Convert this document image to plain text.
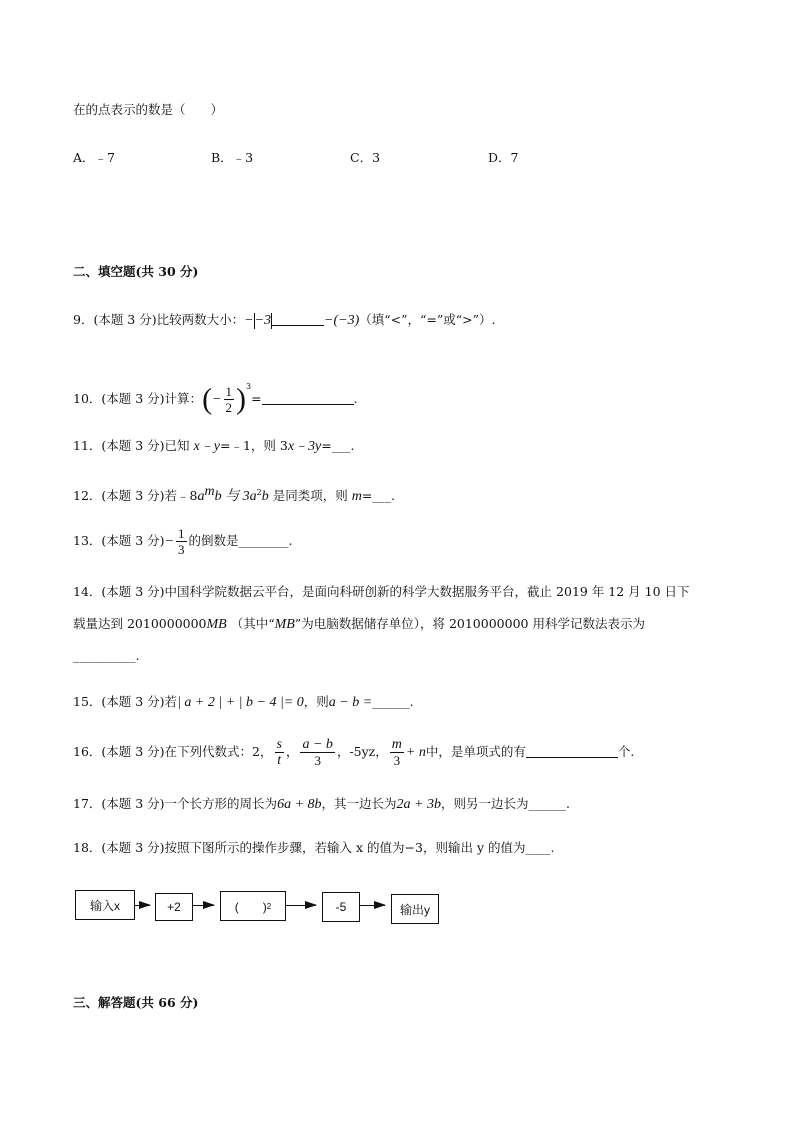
在的点表示的数是（　　）
A．﹣7	B．﹣3	C．3	D．7
二、填空题(共 30 分)
9．(本题 3 分)比较两数大小：−−3	−(−3)（填“<”，“=”或“>”）.
10．(本题 3 分)计算：(− $\frac{1}{2} )^3=$	.
11．(本题 3 分)已知 x﹣y=﹣1，则 3x﹣3y=___.
12．(本题 3 分)若$﹣8a^mb$ 与 $3a^2b$ 是同类项，则 m=___.
13．(本题 3 分)− $\frac{1}{3}$ 的倒数是________.
14．(本题 3 分)中国科学院数据云平台，是面向科研创新的科学大数据服务平台，截止 2019 年 12 月 10 日下
载量达到 2010000000MB （其中“MB”为电脑数据储存单位），将 2010000000 用科学记数法表示为
__________.
15．(本题 3 分)若| a + 2 | + | b − 4 |= 0，则a − b =______.
16．(本题 3 分)在下列代数式：2， $\frac{s}{t}$ ， $\frac{a - b}{3}$ ，-5yz， $\frac{m}{3} + n$中，是单项式的有	个.
17．(本题 3 分)一个长方形的周长为6a + 8b，其一边长为2a + 3b，则另一边长为______.
18．(本题 3 分)按照下图所示的操作步骤，若输入 x 的值为−3，则输出 y 的值为____.
输入x	+2	(　　) 2	-5	输出y
三、解答题(共 66 分)
